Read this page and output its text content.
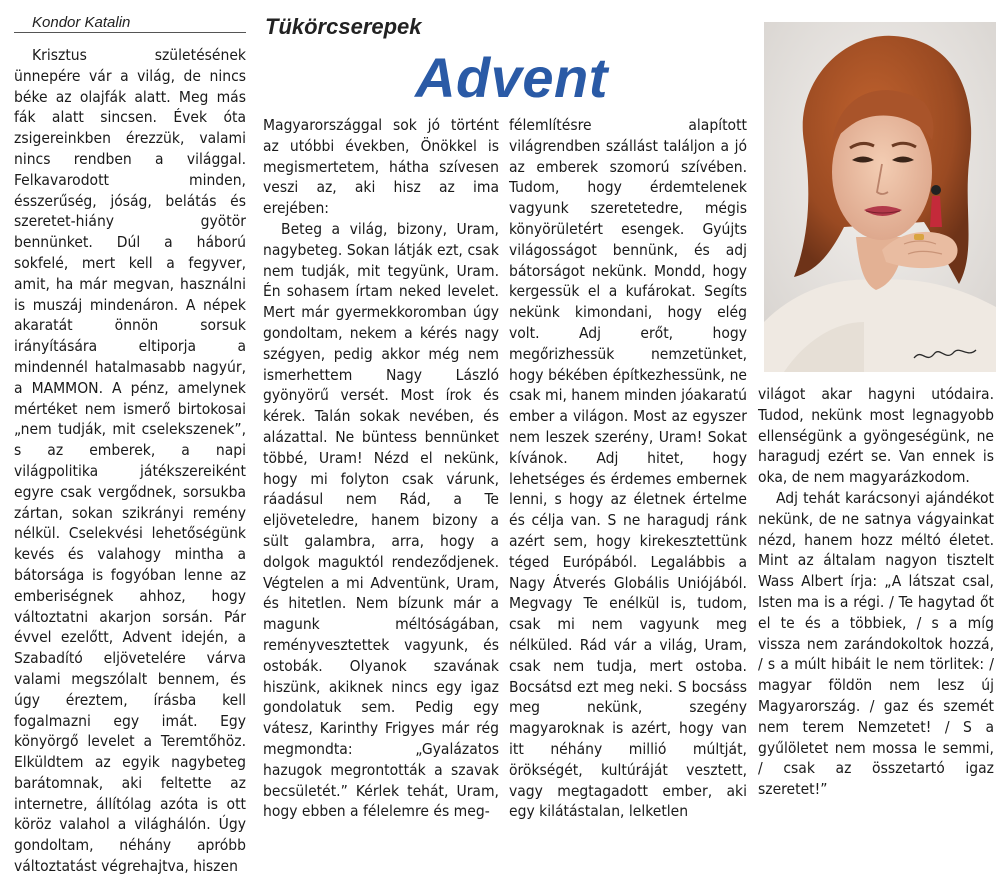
Kondor Katalin	Tükörcserepek
Advent

Krisztus születésének ünnepére vár a világ, de nincs béke az olajfák alatt. Meg más fák alatt sincsen. Évek óta zsigereinkben érezzük, valami nincs rendben a világgal. Felkavarodott minden, ésszerűség, jóság, belátás és szeretet-hiány gyötör bennünket. Dúl a háború sokfelé, mert kell a fegyver, amit, ha már megvan, használni is muszáj mindenáron. A népek akaratát önnön sorsuk irányítására eltiporja a mindennél hatalmasabb nagyúr, a MAMMON. A pénz, amelynek mértéket nem ismerő birtokosai „nem tudják, mit cselekszenek”, s az emberek, a napi világpolitika játékszereiként egyre csak vergődnek, sorsukba zártan, sokan szikrányi remény nélkül. Cselekvési lehetőségünk kevés és valahogy mintha a bátorsága is fogyóban lenne az emberiségnek ahhoz, hogy változtatni akarjon sorsán. Pár évvel ezelőtt, Advent idején, a Szabadító eljövetelére várva valami megszólalt bennem, és úgy éreztem, írásba kell fogalmazni egy imát. Egy könyörgő levelet a Teremtőhöz. Elküldtem az egyik nagybeteg barátomnak, aki feltette az internetre, állítólag azóta is ott köröz valahol a világhálón. Úgy gondoltam, néhány apróbb változtatást végrehajtva, hiszen

Magyarországgal sok jó történt az utóbbi években, Önökkel is megismertetem, hátha szívesen veszi az, aki hisz az ima erejében:

Beteg a világ, bizony, Uram, nagybeteg. Sokan látják ezt, csak nem tudják, mit tegyünk, Uram. Én sohasem írtam neked levelet. Mert már gyermekkoromban úgy gondoltam, nekem a kérés nagy szégyen, pedig akkor még nem ismerhettem Nagy László gyönyörű versét. Most írok és kérek. Talán sokak nevében, és alázattal. Ne büntess bennünket többé, Uram! Nézd el nekünk, hogy mi folyton csak várunk, ráadásul nem Rád, a Te eljöveteledre, hanem bizony a sült galambra, arra, hogy a dolgok maguktól rendeződjenek. Végtelen a mi Adventünk, Uram, és hitetlen. Nem bízunk már a magunk méltóságában, reményvesztettek vagyunk, és ostobák. Olyanok szavának hiszünk, akiknek nincs egy igaz gondolatuk sem. Pedig egy vátesz, Karinthy Frigyes már rég megmondta: „Gyalázatos hazugok megrontották a szavak becsületét.” Kérlek tehát, Uram, hogy ebben a félelemre és meg-

félemlítésre alapított világrendben szállást találjon a jó az emberek szomorú szívében. Tudom, hogy érdemtelenek vagyunk szeretetedre, mégis könyörületért esengek. Gyújts világosságot bennünk, és adj bátorságot nekünk. Mondd, hogy kergessük el a kufárokat. Segíts nekünk kimondani, hogy elég volt. Adj erőt, hogy megőrizhessük nemzetünket, hogy békében építkezhessünk, ne csak mi, hanem minden jóakaratú ember a világon. Most az egyszer nem leszek szerény, Uram! Sokat kívánok. Adj hitet, hogy lehetséges és érdemes embernek lenni, s hogy az életnek értelme és célja van. S ne haragudj ránk azért sem, hogy kirekesztettünk téged Európából. Legalábbis a Nagy Átverés Globális Uniójából. Megvagy Te enélkül is, tudom, csak mi nem vagyunk meg nélküled. Rád vár a világ, Uram, csak nem tudja, mert ostoba. Bocsátsd ezt meg neki. S bocsáss meg nekünk, szegény magyaroknak is azért, hogy van itt néhány millió múltját, örökségét, kultúráját vesztett, vagy megtagadott ember, aki egy kilátástalan, lelketlen

világot akar hagyni utódaira. Tudod, nekünk most legnagyobb ellenségünk a gyöngeségünk, ne haragudj ezért se. Van ennek is oka, de nem magyarázkodom.

Adj tehát karácsonyi ajándékot nekünk, de ne satnya vágyainkat nézd, hanem hozz méltó életet. Mint az általam nagyon tisztelt Wass Albert írja: „A látszat csal, Isten ma is a régi. / Te hagytad őt el te és a többiek, / s a míg vissza nem zarándokoltok hozzá, / s a múlt hibáit le nem törlitek: / magyar földön nem lesz új Magyarország. / gaz és szemét nem terem Nemzetet! / S a gyűlöletet nem mossa le semmi, / csak az összetartó igaz szeretet!”
